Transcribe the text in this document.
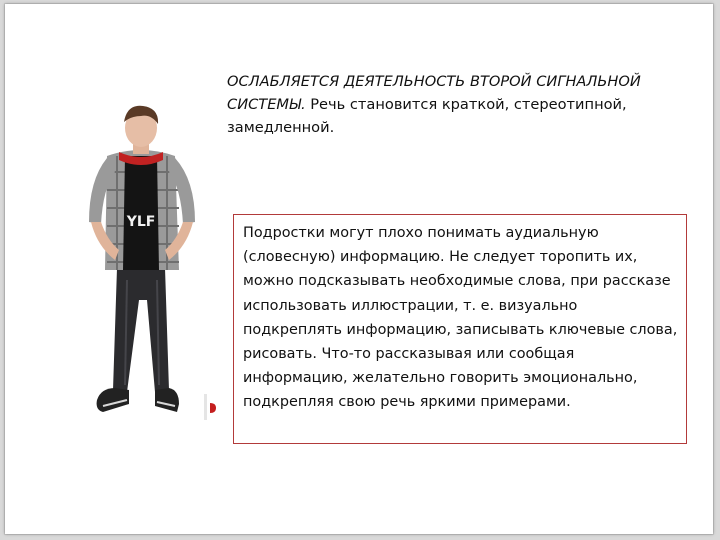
YLF
ОСЛАБЛЯЕТСЯ ДЕЯТЕЛЬНОСТЬ ВТОРОЙ СИГНАЛЬНОЙ СИСТЕМЫ. Речь становится краткой, стереотипной, замедленной.
Подростки могут плохо понимать аудиальную (словесную) информацию. Не следует торопить их, можно подсказывать необходимые слова, при рассказе использовать иллюстрации, т. е. визуально подкреплять информацию, записывать ключевые слова, рисовать. Что-то рассказывая или сообщая информацию, желательно говорить эмоционально, подкрепляя свою речь яркими примерами.
